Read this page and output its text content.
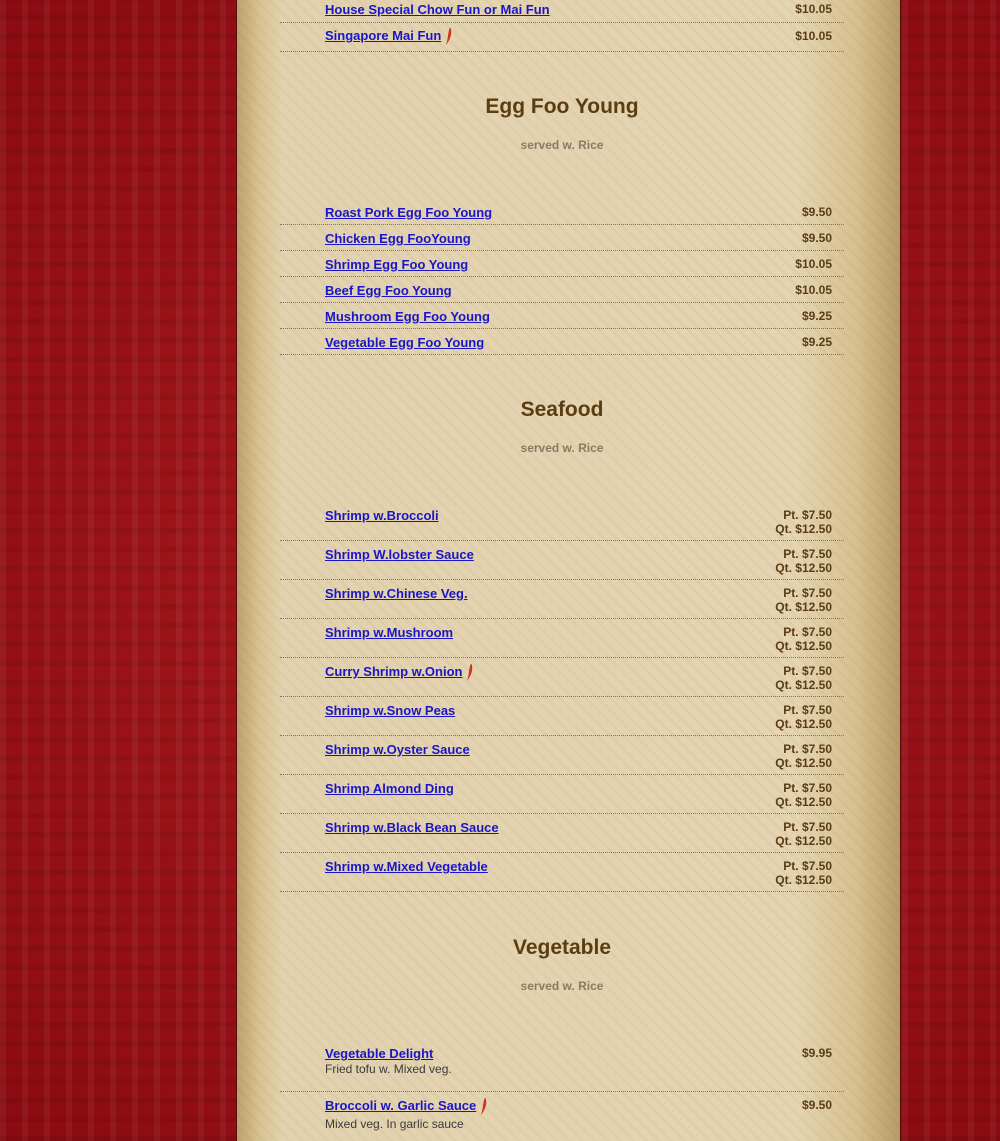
House Special Chow Fun or Mai Fun	$10.05
Singapore Mai Fun	$10.05
Egg Foo Young

served w. Rice

Roast Pork Egg Foo Young	$9.50
Chicken Egg FooYoung	$9.50
Shrimp Egg Foo Young	$10.05
Beef Egg Foo Young	$10.05
Mushroom Egg Foo Young	$9.25
Vegetable Egg Foo Young	$9.25
Seafood

served w. Rice

Shrimp w.Broccoli	Pt. $7.50
Qt. $12.50
Shrimp W.lobster Sauce	Pt. $7.50
Qt. $12.50
Shrimp w.Chinese Veg.	Pt. $7.50
Qt. $12.50
Shrimp w.Mushroom	Pt. $7.50
Qt. $12.50
Curry Shrimp w.Onion	Pt. $7.50
Qt. $12.50
Shrimp w.Snow Peas	Pt. $7.50
Qt. $12.50
Shrimp w.Oyster Sauce	Pt. $7.50
Qt. $12.50
Shrimp Almond Ding	Pt. $7.50
Qt. $12.50
Shrimp w.Black Bean Sauce	Pt. $7.50
Qt. $12.50
Shrimp w.Mixed Vegetable	Pt. $7.50
Qt. $12.50
Vegetable

served w. Rice

Vegetable Delight
Fried tofu w. Mixed veg.
$9.95
Broccoli w. Garlic Sauce
Mixed veg. In garlic sauce
$9.50
